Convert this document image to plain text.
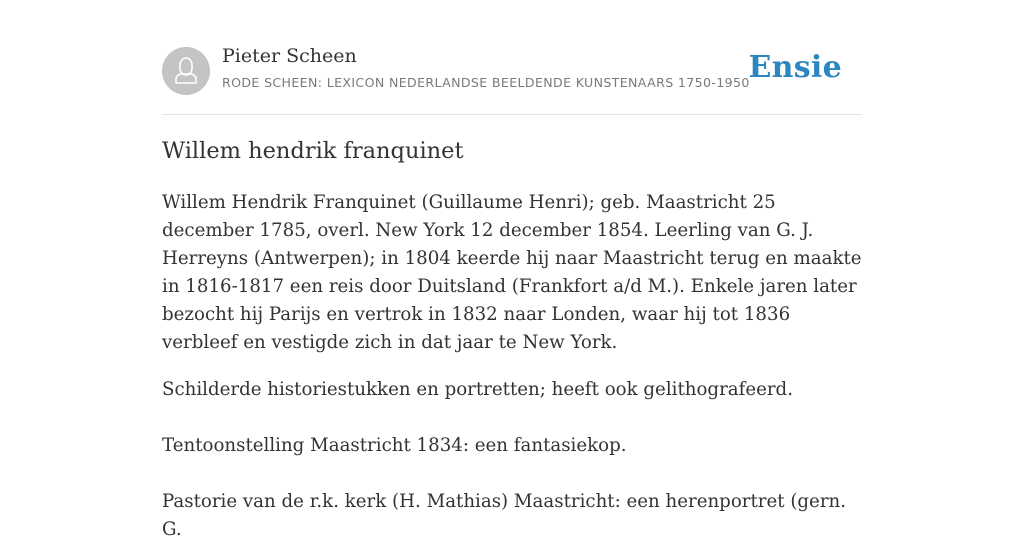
Pieter Scheen
RODE SCHEEN: LEXICON NEDERLANDSE BEELDENDE KUNSTENAARS 1750-1950
Ensie
Willem hendrik franquinet

Willem Hendrik Franquinet (Guillaume Henri); geb. Maastricht 25 december 1785, overl. New York 12 december 1854. Leerling van G. J. Herreyns (Antwerpen); in 1804 keerde hij naar Maastricht terug en maakte in 1816-1817 een reis door Duitsland (Frankfort a/d M.). Enkele jaren later bezocht hij Parijs en vertrok in 1832 naar Londen, waar hij tot 1836 verbleef en vestigde zich in dat jaar te New York.

Schilderde historiestukken en portretten; heeft ook gelithografeerd.

Tentoonstelling Maastricht 1834: een fantasiekop.

Pastorie van de r.k. kerk (H. Mathias) Maastricht: een herenportret (gern. G.
